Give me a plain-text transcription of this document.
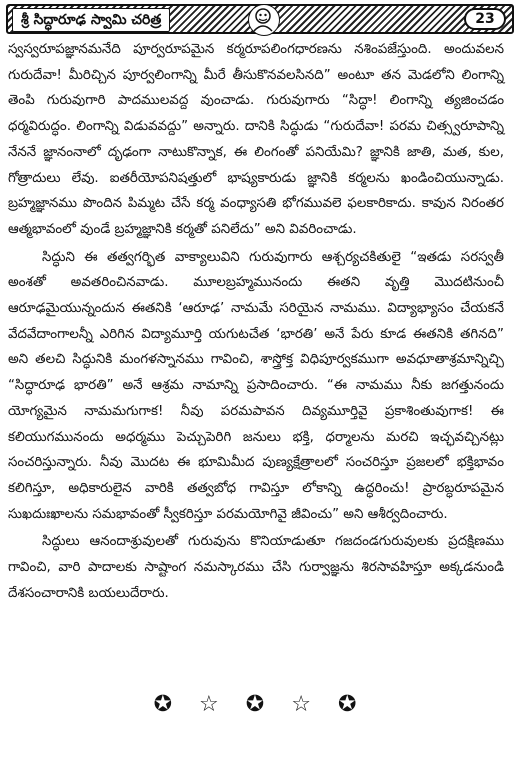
శ్రీ సిద్ధారూఢ స్వామి చరిత్ర	23

స్వస్వరూపజ్ఞానమనేది పూర్వరూపమైన కర్మరూపలింగధారణను నశింపజేస్తుంది. అందువలన గురుదేవా! మీరిచ్చిన పూర్వలింగాన్ని మీరే తీసుకొనవలసినది” అంటూ తన మెడలోని లింగాన్ని తెంపి గురువుగారి పాదములవద్ద వుంచాడు. గురువుగారు “సిద్ధా! లింగాన్ని త్యజించడం ధర్మవిరుద్ధం. లింగాన్ని విడువవద్దు” అన్నారు. దానికి సిద్ధుడు “గురుదేవా! పరమ చిత్స్వరూపాన్ని నేననే జ్ఞానంనాలో దృఢంగా నాటుకొన్నాక, ఈ లింగంతో పనియేమి? జ్ఞానికి జాతి, మత, కుల, గోత్రాదులు లేవు. ఐతరీయోపనిషత్తులో భాష్యకారుడు జ్ఞానికి కర్మలను ఖండించియున్నాడు. బ్రహ్మజ్ఞానము పొందిన పిమ్మట చేసే కర్మ వంధ్యాసతి భోగమువలె ఫలకారికాదు. కావున నిరంతర ఆత్మభావంలో వుండే బ్రహ్మజ్ఞానికి కర్మతో పనిలేదు” అని వివరించాడు.

సిద్ధుని ఈ తత్వగర్భిత వాక్యాలువిని గురువుగారు ఆశ్చర్యచకితులై “ఇతడు సరస్వతీ అంశతో అవతరించినవాడు. మూలబ్రహ్మమునందు ఈతని వృత్తి మొదటినుంచీ ఆరూఢమైయున్నందున ఈతనికి ‘ఆరూఢ’ నామమే సరియైన నామము. విద్యాభ్యాసం చేయకనే వేదవేదాంగాలన్నీ ఎరిగిన విద్యామూర్తి యగుటచేత ‘భారతి’ అనే పేరు కూడ ఈతనికి తగినది” అని తలచి సిద్ధునికి మంగళస్నానము గావించి, శాస్త్రోక్త విధిపూర్వకముగా అవధూతాశ్రమాన్నిచ్చి “సిద్ధారూఢ భారతి” అనే ఆశ్రమ నామాన్ని ప్రసాదించారు. “ఈ నామము నీకు జగత్తునందు యోగ్యమైన నామమగుగాక! నీవు పరమపావన దివ్యమూర్తివై ప్రకాశింతువుగాక! ఈ కలియుగమునందు అధర్మము పెచ్చుపెరిగి జనులు భక్తి, ధర్మాలను మరచి ఇచ్ఛవచ్చినట్లు సంచరిస్తున్నారు. నీవు మొదట ఈ భూమిమీద పుణ్యక్షేత్రాలలో సంచరిస్తూ ప్రజలలో భక్తిభావం కలిగిస్తూ, అధికారులైన వారికి తత్వబోధ గావిస్తూ లోకాన్ని ఉద్ధరించు! ప్రారబ్ధరూపమైన సుఖదుఃఖాలను సమభావంతో స్వీకరిస్తూ పరమయోగివై జీవించు” అని ఆశీర్వదించారు.

సిద్ధులు ఆనందాశ్రువులతో గురువును కొనియాడుతూ గజదండగురువులకు ప్రదక్షిణము గావించి, వారి పాదాలకు సాష్టాంగ నమస్కారము చేసి గుర్వాజ్ఞను శిరసావహిస్తూ అక్కడనుండి దేశసంచారానికి బయలుదేరారు.

✪ ☆ ✪ ☆ ✪
